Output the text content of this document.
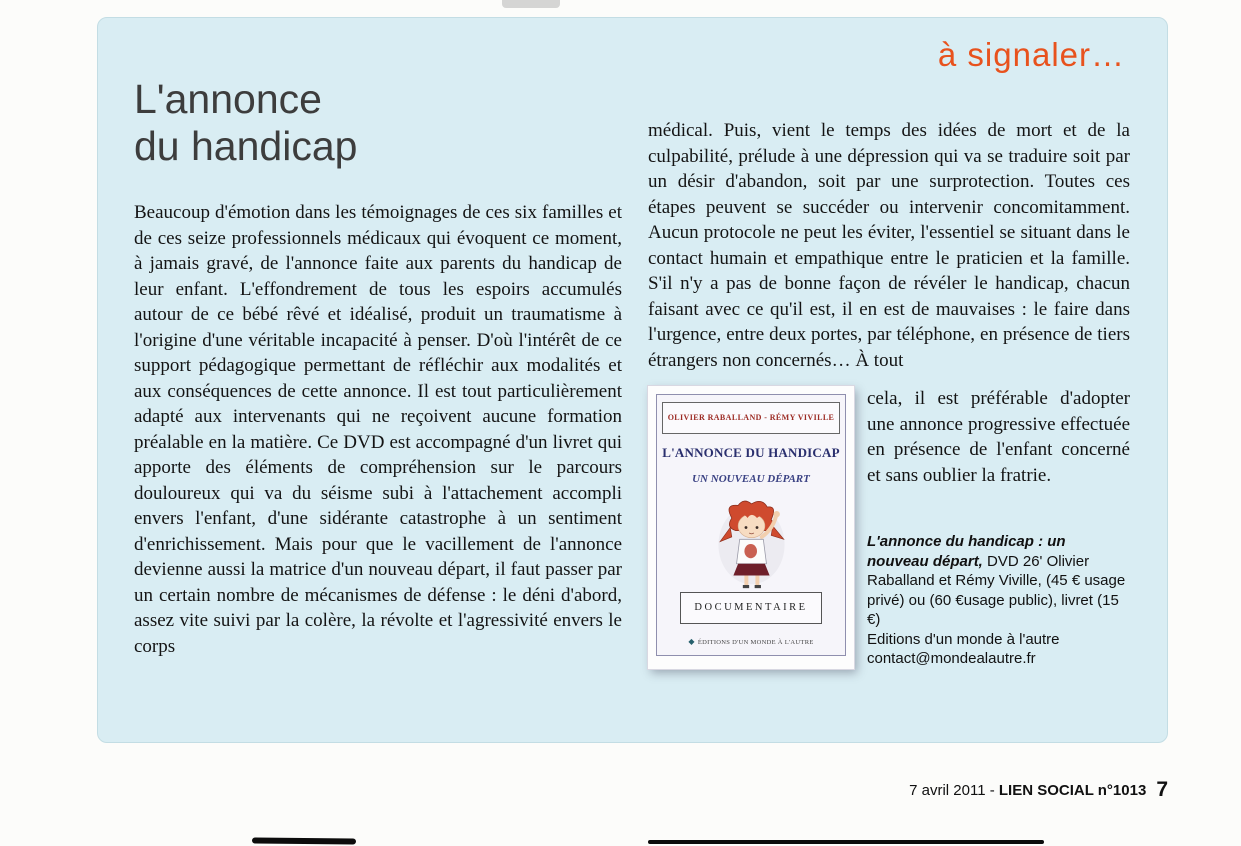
à signaler…
L'annonce
du handicap
Beaucoup d'émotion dans les témoignages de ces six familles et de ces seize professionnels médicaux qui évoquent ce moment, à jamais gravé, de l'annonce faite aux parents du handicap de leur enfant. L'effondrement de tous les espoirs accumulés autour de ce bébé rêvé et idéalisé, produit un traumatisme à l'origine d'une véritable incapacité à penser. D'où l'intérêt de ce support pédagogique permettant de réfléchir aux modalités et aux conséquences de cette annonce. Il est tout particulièrement adapté aux intervenants qui ne reçoivent aucune formation préalable en la matière. Ce DVD est accompagné d'un livret qui apporte des éléments de compréhension sur le parcours douloureux qui va du séisme subi à l'attachement accompli envers l'enfant, d'une sidérante catastrophe à un sentiment d'enrichissement. Mais pour que le vacillement de l'annonce devienne aussi la matrice d'un nouveau départ, il faut passer par un certain nombre de mécanismes de défense : le déni d'abord, assez vite suivi par la colère, la révolte et l'agressivité envers le corps

médical. Puis, vient le temps des idées de mort et de la culpabilité, prélude à une dépression qui va se traduire soit par un désir d'abandon, soit par une surprotection. Toutes ces étapes peuvent se succéder ou intervenir concomitamment. Aucun protocole ne peut les éviter, l'essentiel se situant dans le contact humain et empathique entre le praticien et la famille. S'il n'y a pas de bonne façon de révéler le handicap, chacun faisant avec ce qu'il est, il en est de mauvaises : le faire dans l'urgence, entre deux portes, par téléphone, en présence de tiers étrangers non concernés… À tout

OLIVIER RABALLAND - RÉMY VIVILLE
L'ANNONCE DU HANDICAP
UN NOUVEAU DÉPART
DOCUMENTAIRE
◆ ÉDITIONS D'UN MONDE À L'AUTRE

cela, il est préférable d'adopter une annonce progressive effectuée en présence de l'enfant concerné et sans oublier la fratrie.

L'annonce du handicap : un nouveau départ, DVD 26' Olivier Raballand et Rémy Viville, (45 € usage privé) ou (60 €usage public), livret (15 €)
Editions d'un monde à l'autre
contact@mondealautre.fr
7 avril 2011 - LIEN SOCIAL n°1013 7
